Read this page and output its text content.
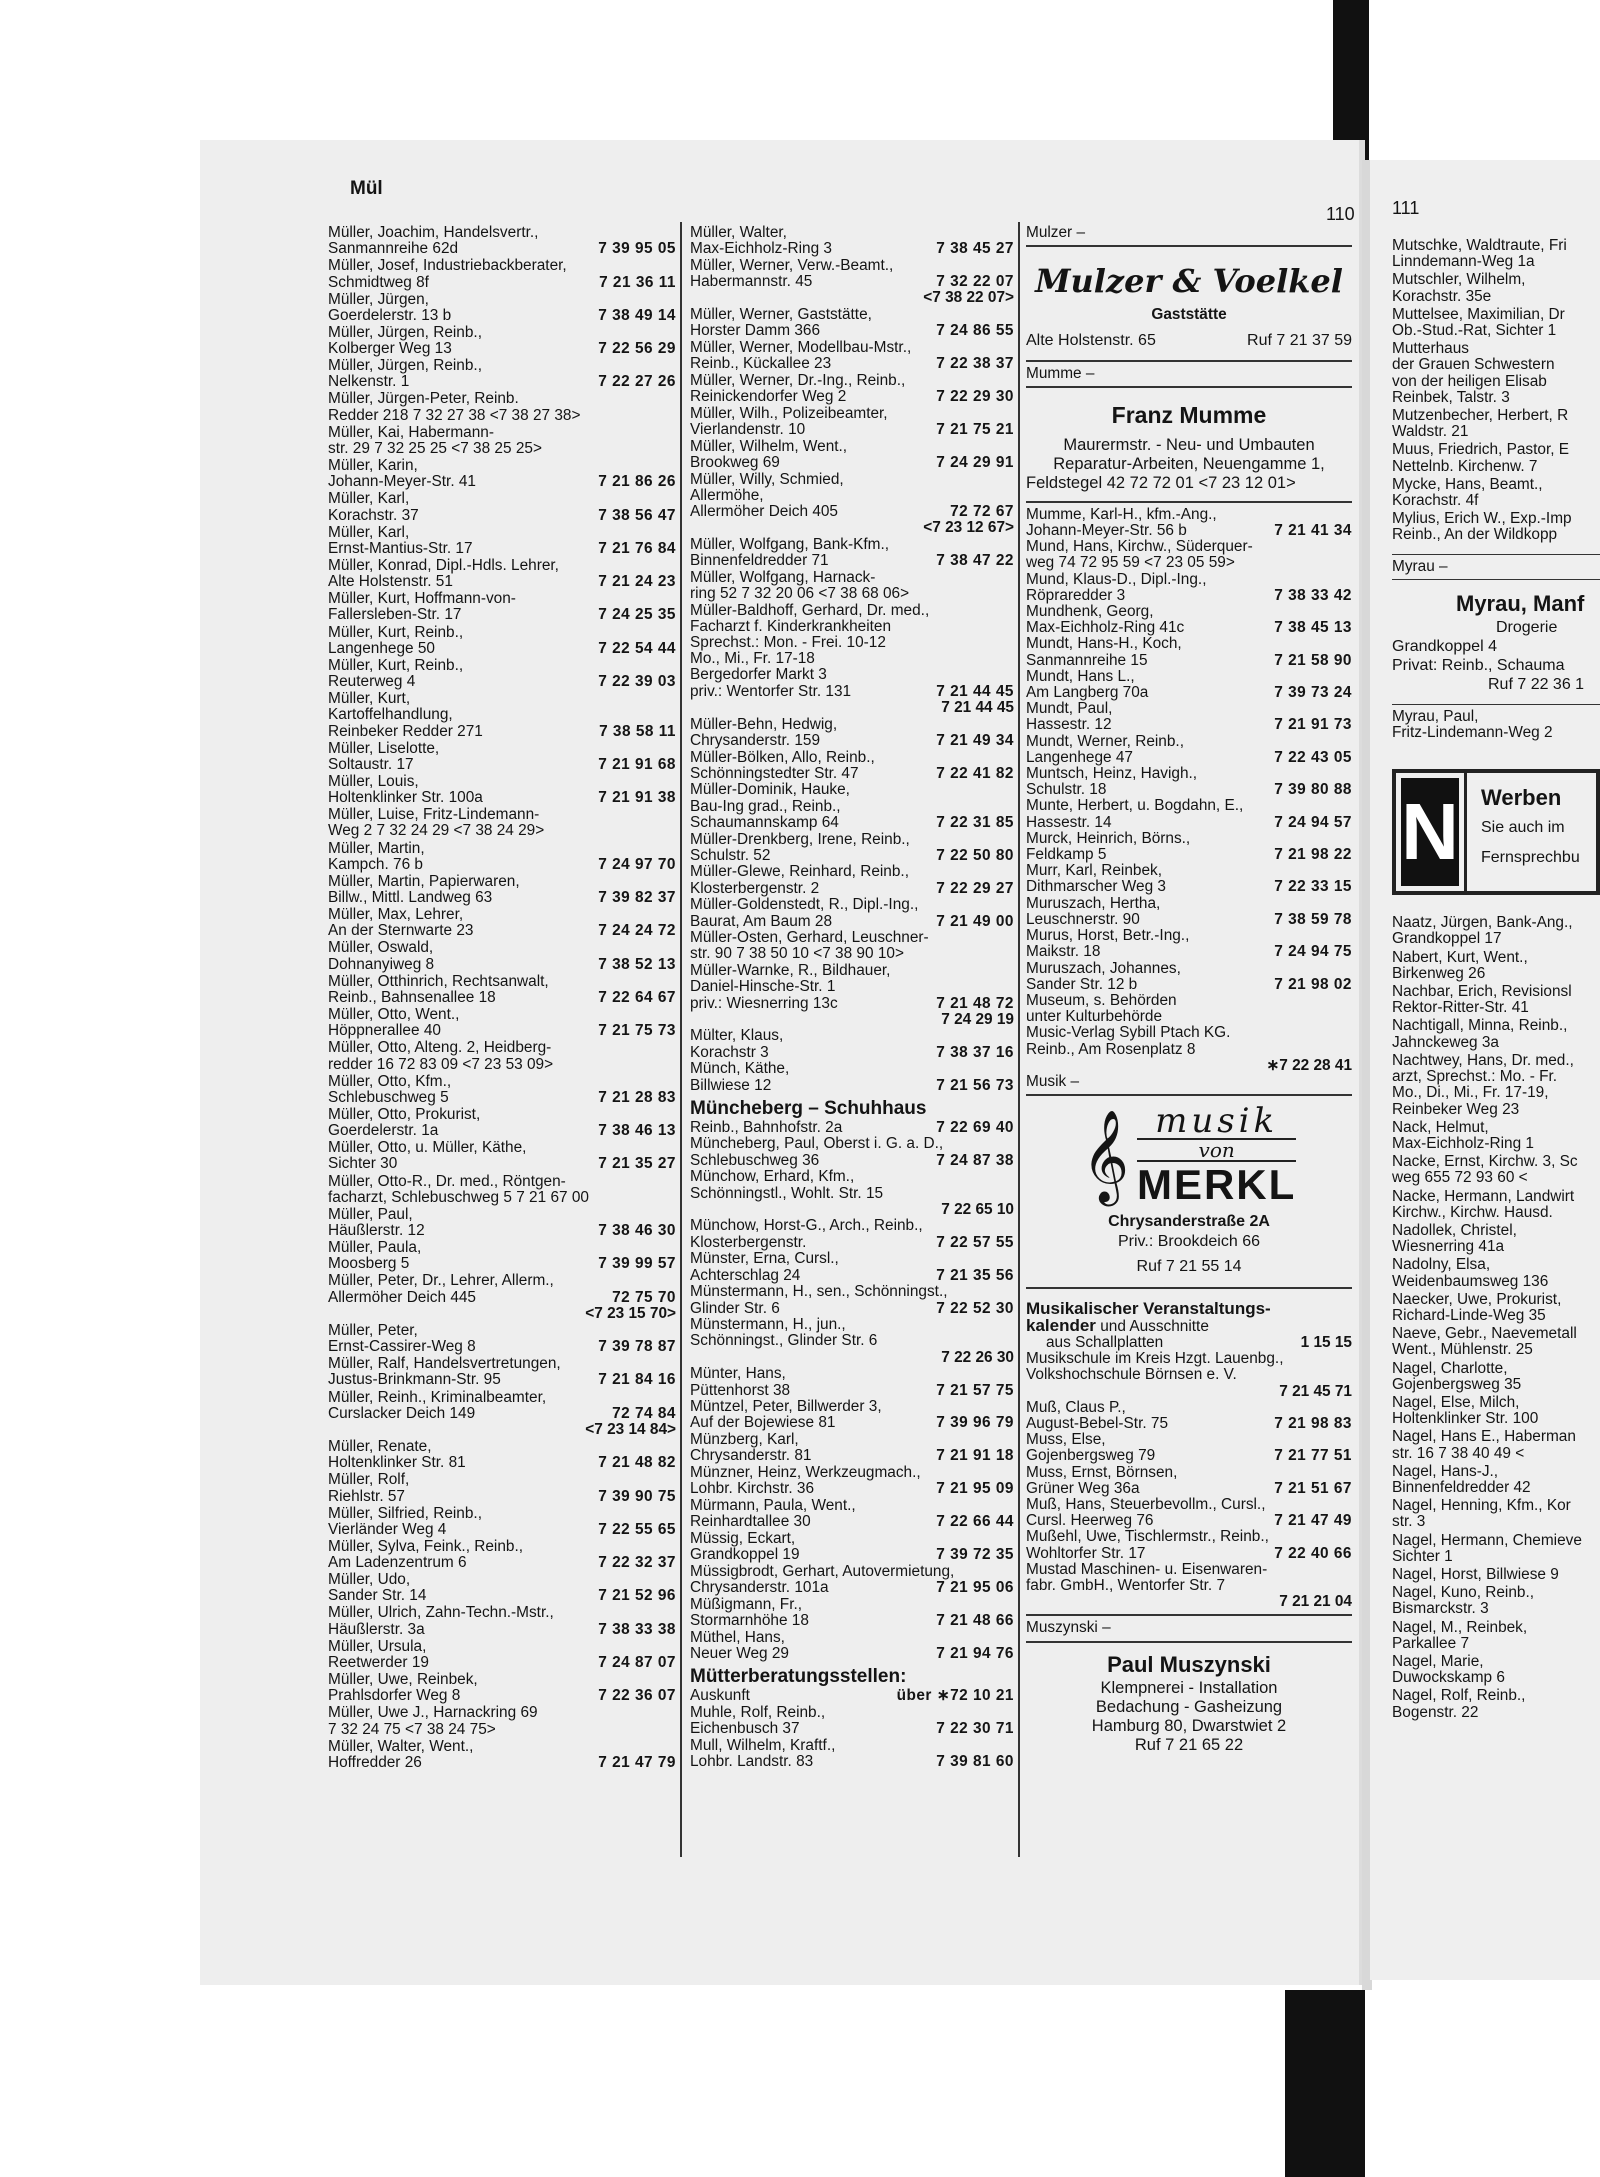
Mül
110 111
Müller, Joachim, Handelsvertr.,
Sanmannreihe 62d	7 39 95 05
Müller, Josef, Industriebackberater,
Schmidtweg 8f	7 21 36 11
Müller, Jürgen,
Goerdelerstr. 13 b	7 38 49 14
Müller, Jürgen, Reinb.,
Kolberger Weg 13	7 22 56 29
Müller, Jürgen, Reinb.,
Nelkenstr. 1	7 22 27 26
Müller, Jürgen-Peter, Reinb.
Redder 218 7 32 27 38 <7 38 27 38>
Müller, Kai, Habermann-
str. 29 7 32 25 25 <7 38 25 25>
Müller, Karin,
Johann-Meyer-Str. 41	7 21 86 26
Müller, Karl,
Korachstr. 37	7 38 56 47
Müller, Karl,
Ernst-Mantius-Str. 17	7 21 76 84
Müller, Konrad, Dipl.-Hdls. Lehrer,
Alte Holstenstr. 51	7 21 24 23
Müller, Kurt, Hoffmann-von-
Fallersleben-Str. 17	7 24 25 35
Müller, Kurt, Reinb.,
Langenhege 50	7 22 54 44
Müller, Kurt, Reinb.,
Reuterweg 4	7 22 39 03
Müller, Kurt,
Kartoffelhandlung,
Reinbeker Redder 271	7 38 58 11
Müller, Liselotte,
Soltaustr. 17	7 21 91 68
Müller, Louis,
Holtenklinker Str. 100a	7 21 91 38
Müller, Luise, Fritz-Lindemann-
Weg 2 7 32 24 29 <7 38 24 29>
Müller, Martin,
Kampch. 76 b	7 24 97 70
Müller, Martin, Papierwaren,
Billw., Mittl. Landweg 63	7 39 82 37
Müller, Max, Lehrer,
An der Sternwarte 23	7 24 24 72
Müller, Oswald,
Dohnanyiweg 8	7 38 52 13
Müller, Otthinrich, Rechtsanwalt,
Reinb., Bahnsenallee 18	7 22 64 67
Müller, Otto, Went.,
Höppnerallee 40	7 21 75 73
Müller, Otto, Alteng. 2, Heidberg-
redder 16 72 83 09 <7 23 53 09>
Müller, Otto, Kfm.,
Schlebuschweg 5	7 21 28 83
Müller, Otto, Prokurist,
Goerdelerstr. 1a	7 38 46 13
Müller, Otto, u. Müller, Käthe,
Sichter 30	7 21 35 27
Müller, Otto-R., Dr. med., Röntgen-
facharzt, Schlebuschweg 5 7 21 67 00
Müller, Paul,
Häußlerstr. 12	7 38 46 30
Müller, Paula,
Moosberg 5	7 39 99 57
Müller, Peter, Dr., Lehrer, Allerm.,
Allermöher Deich 445	72 75 70
<7 23 15 70>
Müller, Peter,
Ernst-Cassirer-Weg 8	7 39 78 87
Müller, Ralf, Handelsvertretungen,
Justus-Brinkmann-Str. 95	7 21 84 16
Müller, Reinh., Kriminalbeamter,
Curslacker Deich 149	72 74 84
<7 23 14 84>
Müller, Renate,
Holtenklinker Str. 81	7 21 48 82
Müller, Rolf,
Riehlstr. 57	7 39 90 75
Müller, Silfried, Reinb.,
Vierländer Weg 4	7 22 55 65
Müller, Sylva, Feink., Reinb.,
Am Ladenzentrum 6	7 22 32 37
Müller, Udo,
Sander Str. 14	7 21 52 96
Müller, Ulrich, Zahn-Techn.-Mstr.,
Häußlerstr. 3a	7 38 33 38
Müller, Ursula,
Reetwerder 19	7 24 87 07
Müller, Uwe, Reinbek,
Prahlsdorfer Weg 8	7 22 36 07
Müller, Uwe J., Harnackring 69
7 32 24 75 <7 38 24 75>
Müller, Walter, Went.,
Hoffredder 26	7 21 47 79
Müller, Walter,
Max-Eichholz-Ring 3	7 38 45 27
Müller, Werner, Verw.-Beamt.,
Habermannstr. 45	7 32 22 07
<7 38 22 07>
Müller, Werner, Gaststätte,
Horster Damm 366	7 24 86 55
Müller, Werner, Modellbau-Mstr.,
Reinb., Kückallee 23	7 22 38 37
Müller, Werner, Dr.-Ing., Reinb.,
Reinickendorfer Weg 2	7 22 29 30
Müller, Wilh., Polizeibeamter,
Vierlandenstr. 10	7 21 75 21
Müller, Wilhelm, Went.,
Brookweg 69	7 24 29 91
Müller, Willy, Schmied,
Allermöhe,
Allermöher Deich 405	72 72 67
<7 23 12 67>
Müller, Wolfgang, Bank-Kfm.,
Binnenfeldredder 71	7 38 47 22
Müller, Wolfgang, Harnack-
ring 52 7 32 20 06 <7 38 68 06>
Müller-Baldhoff, Gerhard, Dr. med.,
Facharzt f. Kinderkrankheiten
Sprechst.: Mon. - Frei. 10-12
Mo., Mi., Fr. 17-18
Bergedorfer Markt 3
priv.: Wentorfer Str. 131	7 21 44 45
7 21 44 45
Müller-Behn, Hedwig,
Chrysanderstr. 159	7 21 49 34
Müller-Bölken, Allo, Reinb.,
Schönningstedter Str. 47	7 22 41 82
Müller-Dominik, Hauke,
Bau-Ing grad., Reinb.,
Schaumannskamp 64	7 22 31 85
Müller-Drenkberg, Irene, Reinb.,
Schulstr. 52	7 22 50 80
Müller-Glewe, Reinhard, Reinb.,
Klosterbergenstr. 2	7 22 29 27
Müller-Goldenstedt, R., Dipl.-Ing.,
Baurat, Am Baum 28	7 21 49 00
Müller-Osten, Gerhard, Leuschner-
str. 90 7 38 50 10 <7 38 90 10>
Müller-Warnke, R., Bildhauer,
Daniel-Hinsche-Str. 1
priv.: Wiesnerring 13c	7 21 48 72
7 24 29 19
Mülter, Klaus,
Korachstr 3	7 38 37 16
Münch, Käthe,
Billwiese 12	7 21 56 73
Müncheberg – Schuhhaus
Reinb., Bahnhofstr. 2a	7 22 69 40
Müncheberg, Paul, Oberst i. G. a. D.,
Schlebuschweg 36	7 24 87 38
Münchow, Erhard, Kfm.,
Schönningstl., Wohlt. Str. 15
7 22 65 10
Münchow, Horst-G., Arch., Reinb.,
Klosterbergenstr.	7 22 57 55
Münster, Erna, Cursl.,
Achterschlag 24	7 21 35 56
Münstermann, H., sen., Schönningst.,
Glinder Str. 6	7 22 52 30
Münstermann, H., jun.,
Schönningst., Glinder Str. 6
7 22 26 30
Münter, Hans,
Püttenhorst 38	7 21 57 75
Müntzel, Peter, Billwerder 3,
Auf der Bojewiese 81	7 39 96 79
Münzberg, Karl,
Chrysanderstr. 81	7 21 91 18
Münzner, Heinz, Werkzeugmach.,
Lohbr. Kirchstr. 36	7 21 95 09
Mürmann, Paula, Went.,
Reinhardtallee 30	7 22 66 44
Müssig, Eckart,
Grandkoppel 19	7 39 72 35
Müssigbrodt, Gerhart, Autovermietung,
Chrysanderstr. 101a	7 21 95 06
Müßigmann, Fr.,
Stormarnhöhe 18	7 21 48 66
Müthel, Hans,
Neuer Weg 29	7 21 94 76
Mütterberatungsstellen:
Auskunft	über ∗72 10 21
Muhle, Rolf, Reinb.,
Eichenbusch 37	7 22 30 71
Mull, Wilhelm, Kraftf.,
Lohbr. Landstr. 83	7 39 81 60
Mulzer –
Mulzer & Voelkel
Gaststätte
Alte Holstenstr. 65	Ruf 7 21 37 59
Mumme –
Franz Mumme
Maurermstr. - Neu- und Umbauten
Reparatur-Arbeiten, Neuengamme 1,
Feldstegel 42 72 72 01 <7 23 12 01>
Mumme, Karl-H., kfm.-Ang.,
Johann-Meyer-Str. 56 b	7 21 41 34
Mund, Hans, Kirchw., Süderquer-
weg 74 72 95 59 <7 23 05 59>
Mund, Klaus-D., Dipl.-Ing.,
Röpraredder 3	7 38 33 42
Mundhenk, Georg,
Max-Eichholz-Ring 41c	7 38 45 13
Mundt, Hans-H., Koch,
Sanmannreihe 15	7 21 58 90
Mundt, Hans L.,
Am Langberg 70a	7 39 73 24
Mundt, Paul,
Hassestr. 12	7 21 91 73
Mundt, Werner, Reinb.,
Langenhege 47	7 22 43 05
Muntsch, Heinz, Havigh.,
Schulstr. 18	7 39 80 88
Munte, Herbert, u. Bogdahn, E.,
Hassestr. 14	7 24 94 57
Murck, Heinrich, Börns.,
Feldkamp 5	7 21 98 22
Murr, Karl, Reinbek,
Dithmarscher Weg 3	7 22 33 15
Muruszach, Hertha,
Leuschnerstr. 90	7 38 59 78
Murus, Horst, Betr.-Ing.,
Maikstr. 18	7 24 94 75
Muruszach, Johannes,
Sander Str. 12 b	7 21 98 02
Museum, s. Behörden
unter Kulturbehörde
Music-Verlag Sybill Ptach KG.
Reinb., Am Rosenplatz 8
∗7 22 28 41
Musik –
𝄞 musik
von
MERKL
Chrysanderstraße 2A
Priv.: Brookdeich 66
Ruf 7 21 55 14
Musikalischer Veranstaltungs-
kalender und Ausschnitte
aus Schallplatten	1 15 15
Musikschule im Kreis Hzgt. Lauenbg.,
Volkshochschule Börnsen e. V.
7 21 45 71
Muß, Claus P.,
August-Bebel-Str. 75	7 21 98 83
Muss, Else,
Gojenbergsweg 79	7 21 77 51
Muss, Ernst, Börnsen,
Grüner Weg 36a	7 21 51 67
Muß, Hans, Steuerbevollm., Cursl.,
Cursl. Heerweg 76	7 21 47 49
Mußehl, Uwe, Tischlermstr., Reinb.,
Wohltorfer Str. 17	7 22 40 66
Mustad Maschinen- u. Eisenwaren-
fabr. GmbH., Wentorfer Str. 7
7 21 21 04
Muszynski –
Paul Muszynski
Klempnerei - Installation
Bedachung - Gasheizung
Hamburg 80, Dwarstwiet 2
Ruf 7 21 65 22
Mutschke, Waldtraute, Fri
Linndemann-Weg 1a
Mutschler, Wilhelm,
Korachstr. 35e
Muttelsee, Maximilian, Dr
Ob.-Stud.-Rat, Sichter 1
Mutterhaus
der Grauen Schwestern
von der heiligen Elisab
Reinbek, Talstr. 3
Mutzenbecher, Herbert, R
Waldstr. 21
Muus, Friedrich, Pastor, E
Nettelnb. Kirchenw. 7
Mycke, Hans, Beamt.,
Korachstr. 4f
Mylius, Erich W., Exp.-Imp
Reinb., An der Wildkopp
Myrau –
Myrau, Manf
Drogerie
Grandkoppel 4
Privat: Reinb., Schauma
Ruf 7 22 36 1
Myrau, Paul,
Fritz-Lindemann-Weg 2
N Werben
Sie auch im
Fernsprechbu
Naatz, Jürgen, Bank-Ang.,
Grandkoppel 17
Nabert, Kurt, Went.,
Birkenweg 26
Nachbar, Erich, Revisionsl
Rektor-Ritter-Str. 41
Nachtigall, Minna, Reinb.,
Jahnckeweg 3a
Nachtwey, Hans, Dr. med.,
arzt, Sprechst.: Mo. - Fr.
Mo., Di., Mi., Fr. 17-19,
Reinbeker Weg 23
Nack, Helmut,
Max-Eichholz-Ring 1
Nacke, Ernst, Kirchw. 3, Sc
weg 655 72 93 60 <
Nacke, Hermann, Landwirt
Kirchw., Kirchw. Hausd.
Nadollek, Christel,
Wiesnerring 41a
Nadolny, Elsa,
Weidenbaumsweg 136
Naecker, Uwe, Prokurist,
Richard-Linde-Weg 35
Naeve, Gebr., Naevemetall
Went., Mühlenstr. 25
Nagel, Charlotte,
Gojenbergsweg 35
Nagel, Else, Milch,
Holtenklinker Str. 100
Nagel, Hans E., Haberman
str. 16 7 38 40 49 <
Nagel, Hans-J.,
Binnenfeldredder 42
Nagel, Henning, Kfm., Kor
str. 3
Nagel, Hermann, Chemieve
Sichter 1
Nagel, Horst, Billwiese 9
Nagel, Kuno, Reinb.,
Bismarckstr. 3
Nagel, M., Reinbek,
Parkallee 7
Nagel, Marie,
Duwockskamp 6
Nagel, Rolf, Reinb.,
Bogenstr. 22
